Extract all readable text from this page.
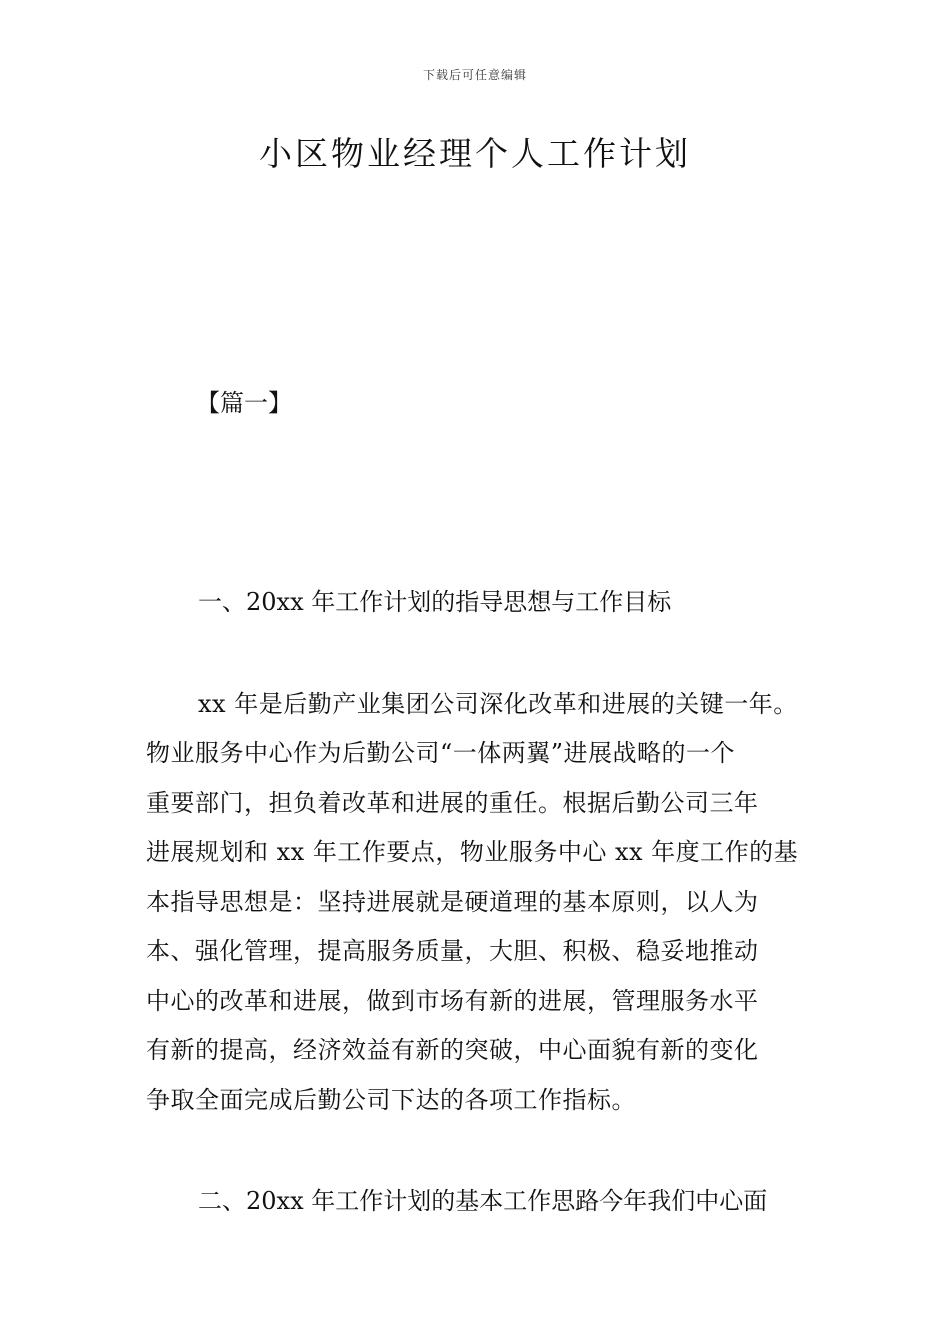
下载后可任意编辑
小区物业经理个人工作计划
【篇一】
一、20xx 年工作计划的指导思想与工作目标
xx 年是后勤产业集团公司深化改革和进展的关键一年。
物业服务中心作为后勤公司“一体两翼”进展战略的一个
重要部门，担负着改革和进展的重任。根据后勤公司三年
进展规划和 xx 年工作要点，物业服务中心 xx 年度工作的基
本指导思想是：坚持进展就是硬道理的基本原则，以人为
本、强化管理，提高服务质量，大胆、积极、稳妥地推动
中心的改革和进展，做到市场有新的进展，管理服务水平
有新的提高，经济效益有新的突破，中心面貌有新的变化
争取全面完成后勤公司下达的各项工作指标。
二、20xx 年工作计划的基本工作思路今年我们中心面
